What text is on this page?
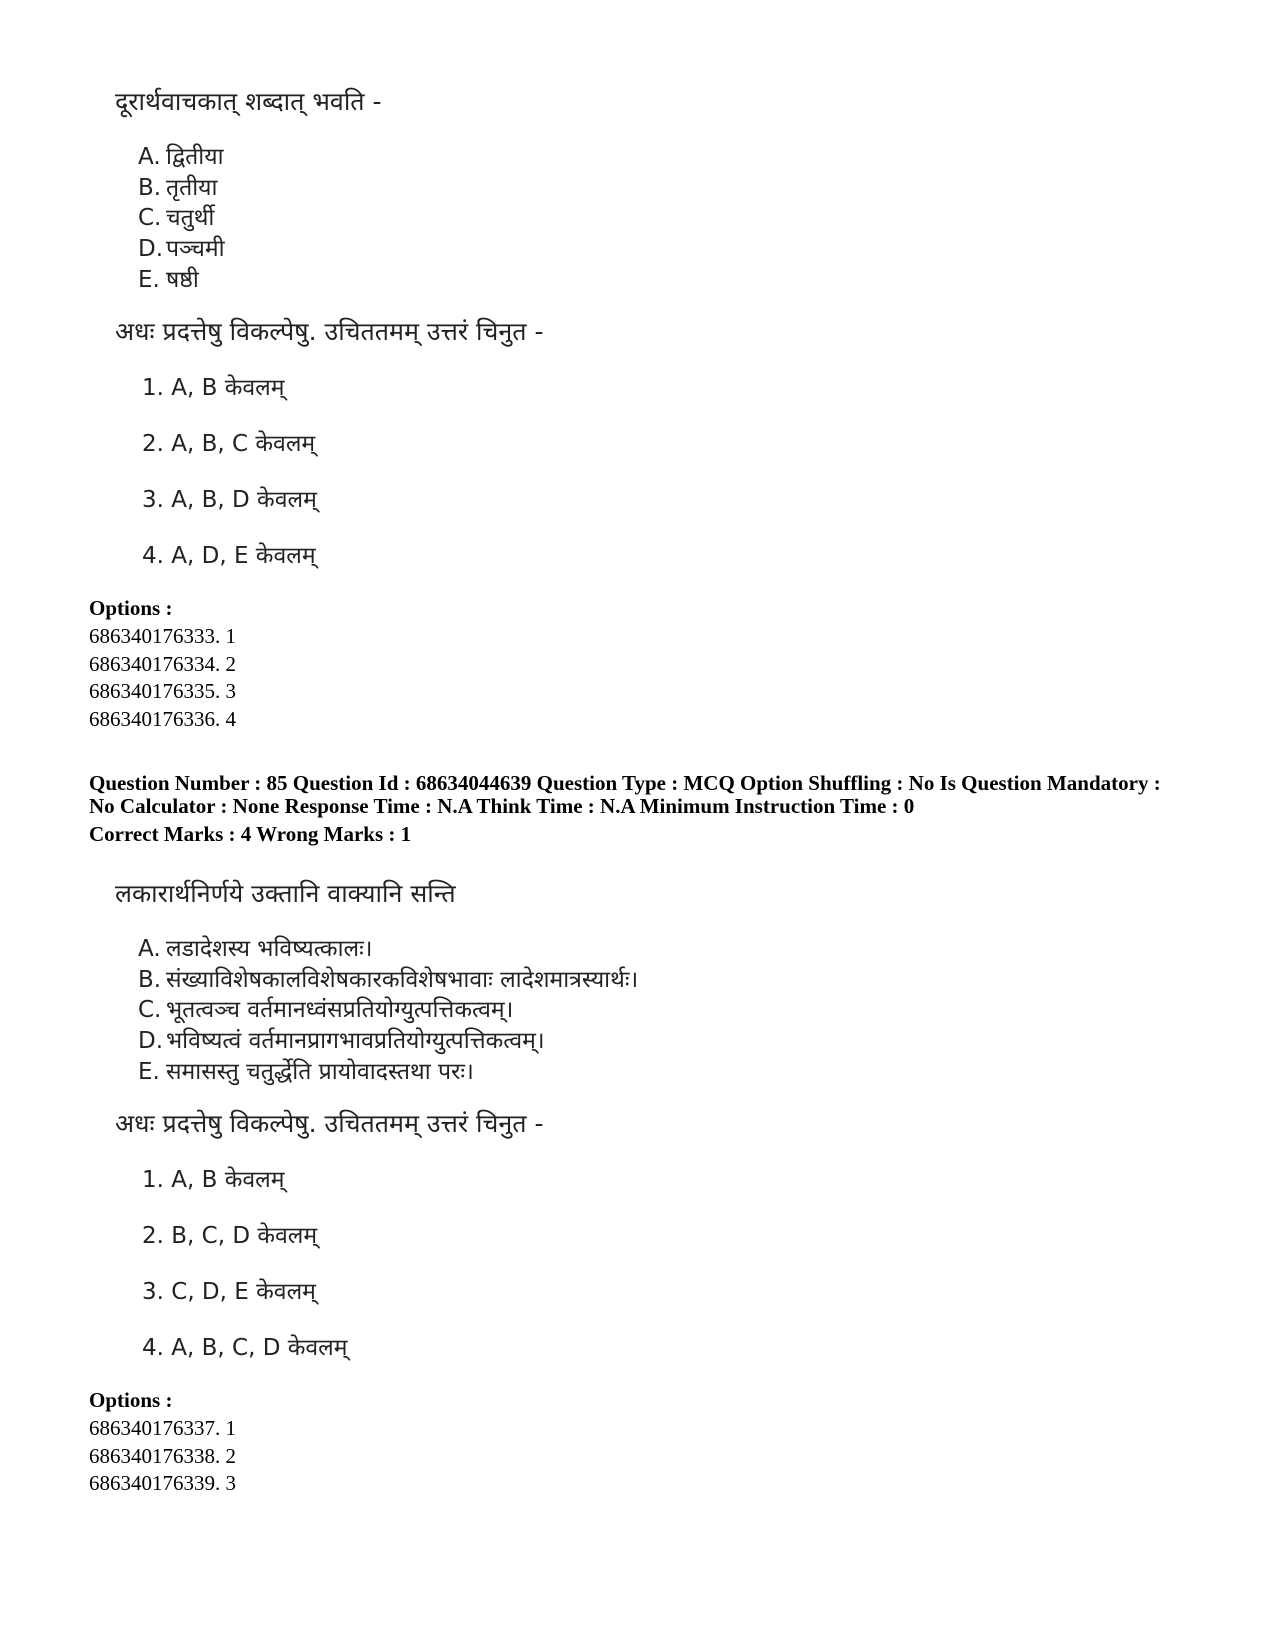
दूरार्थवाचकात् शब्दात् भवति -
A. द्वितीया
B. तृतीया
C. चतुर्थी
D. पञ्चमी
E. षष्ठी
अधः प्रदत्तेषु विकल्पेषु. उचिततमम् उत्तरं चिनुत -
1. A, B केवलम्
2. A, B, C केवलम्
3. A, B, D केवलम्
4. A, D, E केवलम्
Options :
686340176333. 1
686340176334. 2
686340176335. 3
686340176336. 4
Question Number : 85 Question Id : 68634044639 Question Type : MCQ Option Shuffling : No Is Question Mandatory :
No Calculator : None Response Time : N.A Think Time : N.A Minimum Instruction Time : 0
Correct Marks : 4 Wrong Marks : 1
लकारार्थनिर्णये उक्तानि वाक्यानि सन्ति
A. लडादेशस्य भविष्यत्कालः।
B. संख्याविशेषकालविशेषकारकविशेषभावाः लादेशमात्रस्यार्थः।
C. भूतत्वञ्च वर्तमानध्वंसप्रतियोग्युत्पत्तिकत्वम्।
D. भविष्यत्वं वर्तमानप्रागभावप्रतियोग्युत्पत्तिकत्वम्।
E. समासस्तु चतुर्द्धेति प्रायोवादस्तथा परः।
अधः प्रदत्तेषु विकल्पेषु. उचिततमम् उत्तरं चिनुत -
1. A, B केवलम्
2. B, C, D केवलम्
3. C, D, E केवलम्
4. A, B, C, D केवलम्
Options :
686340176337. 1
686340176338. 2
686340176339. 3
